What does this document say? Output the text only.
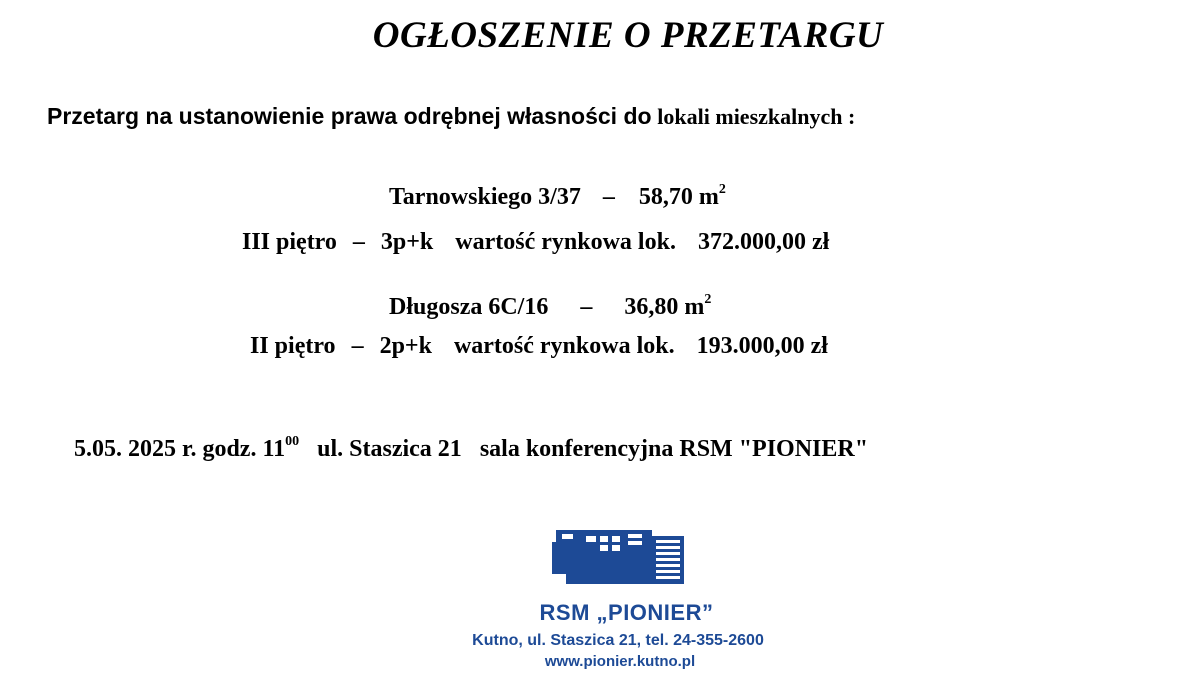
OGŁOSZENIE O PRZETARGU
Przetarg na ustanowienie prawa odrębnej własności do lokali mieszkalnych :
Tarnowskiego 3/37 – 58,70 $m^2$
III piętro – 3p+k wartość rynkowa lok. 372.000,00 zł
Długosza 6C/16 – 36,80 $m^2$
II piętro – 2p+k wartość rynkowa lok. 193.000,00 zł
5.05. 2025 r. godz. $11^{00}$ ul. Staszica 21 sala konferencyjna RSM "PIONIER"
RSM „PIONIER”
Kutno, ul. Staszica 21, tel. 24-355-2600
www.pionier.kutno.pl
